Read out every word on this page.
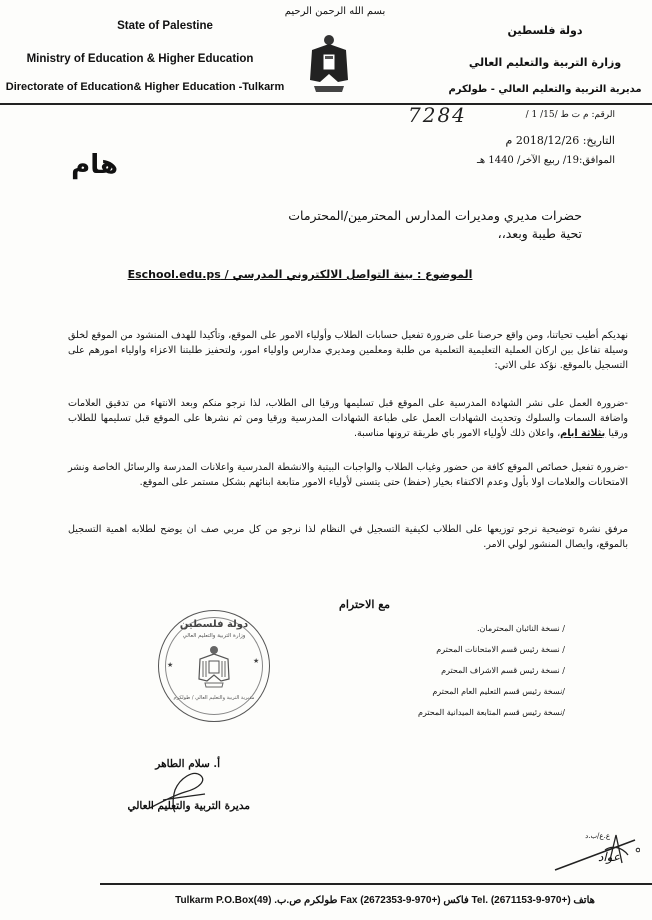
بسم الله الرحمن الرحيم
State of Palestine
Ministry of Education & Higher Education
Directorate of Education& Higher Education -Tulkarm
دولة فلسطين
وزارة التربية والتعليم العالي
مديرية التربية والتعليم العالي - طولكرم
الرقم: م ت ط /15/ 1 /
7284
التاريخ: 2018/12/26 م
الموافق:19/ ربيع الآخر/ 1440 هـ
هام
حضرات مديري ومديرات المدارس المحترمين/المحترمات
تحية طيبة وبعد،،
الموضوع : بينة التواصل الالكتروني المدرسي / Eschool.edu.ps
نهديكم أطيب تحياتنا، ومن واقع حرصنا على ضرورة تفعيل حسابات الطلاب وأولياء الامور على الموقع، وتأكيدا للهدف المنشود من الموقع لخلق وسيلة تفاعل بين اركان العملية التعليمية التعلمية من طلبة ومعلمين ومديري مدارس واولياء امور، ولتحفيز طلبتنا الاعزاء واولياء امورهم على التسجيل بالموقع. نؤكد على الاتي:
-ضرورة العمل على نشر الشهادة المدرسية على الموقع قبل تسليمها ورقيا الى الطلاب، لذا نرجو منكم وبعد الانتهاء من تدقيق العلامات واضافة السمات والسلوك وتحديث الشهادات العمل على طباعة الشهادات المدرسية ورقيا ومن ثم نشرها على الموقع قبل تسليمها للطلاب ورقيا بثلاثة ايام، واعلان ذلك لأولياء الامور باي طريقة ترونها مناسبة.
-ضرورة تفعيل خصائص الموقع كافة من حضور وغياب الطلاب والواجبات البيتية والانشطة المدرسية واعلانات المدرسة والرسائل الخاصة ونشر الامتحانات والعلامات اولا بأول وعدم الاكتفاء بخيار (حفظ) حتى يتسنى لأولياء الامور متابعة ابنائهم بشكل مستمر على الموقع.
مرفق نشرة توضيحية نرجو توزيعها على الطلاب لكيفية التسجيل في النظام لذا نرجو من كل مربي صف ان يوضح لطلابه اهمية التسجيل بالموقع، وايصال المنشور لولي الامر.
مع الاحترام
/ نسخة النائبان المحترمان.
/ نسخة رئيس قسم الامتحانات المحترم
/ نسخة رئيس قسم الاشراف المحترم
/نسخة رئيس قسم التعليم العام المحترم
/نسخة رئيس قسم المتابعة الميدانية المحترم
دولة فلسطين
وزارة التربية والتعليم العالي
مديرية التربية والتعليم العالي / طولكرم
★	★
أ. سلام الطاهر
مديرة التربية والتعليم العالي
ع.ع/ب.د
عواد
هاتف (+970-9-2671153) .Tel فاكس (+970-9-2672353) Fax طولكرم ص.ب. (49)Tulkarm P.O.Box
